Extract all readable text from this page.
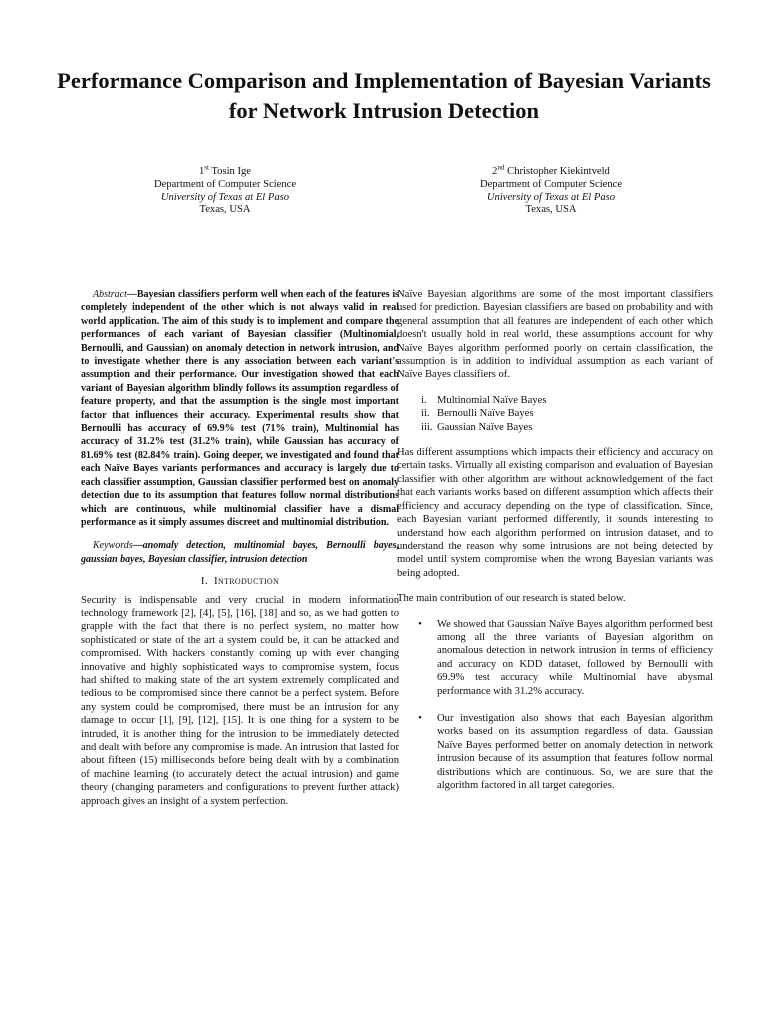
Performance Comparison and Implementation of Bayesian Variants for Network Intrusion Detection
1st Tosin Ige
Department of Computer Science
University of Texas at El Paso
Texas, USA
2nd Christopher Kiekintveld
Department of Computer Science
University of Texas at El Paso
Texas, USA

Abstract—Bayesian classifiers perform well when each of the features is completely independent of the other which is not always valid in real world application. The aim of this study is to implement and compare the performances of each variant of Bayesian classifier (Multinomial, Bernoulli, and Gaussian) on anomaly detection in network intrusion, and to investigate whether there is any association between each variant's assumption and their performance. Our investigation showed that each variant of Bayesian algorithm blindly follows its assumption regardless of feature property, and that the assumption is the single most important factor that influences their accuracy. Experimental results show that Bernoulli has accuracy of 69.9% test (71% train), Multinomial has accuracy of 31.2% test (31.2% train), while Gaussian has accuracy of 81.69% test (82.84% train). Going deeper, we investigated and found that each Naïve Bayes variants performances and accuracy is largely due to each classifier assumption, Gaussian classifier performed best on anomaly detection due to its assumption that features follow normal distributions which are continuous, while multinomial classifier have a dismal performance as it simply assumes discreet and multinomial distribution.

Keywords—anomaly detection, multinomial bayes, Bernoulli bayes, gaussian bayes, Bayesian classifier, intrusion detection

I. Introduction

Security is indispensable and very crucial in modern information technology framework [2], [4], [5], [16], [18] and so, as we had gotten to grapple with the fact that there is no perfect system, no matter how sophisticated or state of the art a system could be, it can be attacked and compromised. With hackers constantly coming up with ever changing innovative and highly sophisticated ways to compromise system, focus had shifted to making state of the art system extremely complicated and tedious to be compromised since there cannot be a perfect system. Before any system could be compromised, there must be an intrusion for any damage to occur [1], [9], [12], [15]. It is one thing for a system to be intruded, it is another thing for the intrusion to be immediately detected and dealt with before any compromise is made. An intrusion that lasted for about fifteen (15) milliseconds before being dealt with by a combination of machine learning (to accurately detect the actual intrusion) and game theory (changing parameters and configurations to prevent further attack) approach gives an insight of a system perfection.

Naïve Bayesian algorithms are some of the most important classifiers used for prediction. Bayesian classifiers are based on probability and with general assumption that all features are independent of each other which doesn't usually hold in real world, these assumptions account for why Naïve Bayes algorithm performed poorly on certain classification, the assumption is in addition to individual assumption as each variant of Naïve Bayes classifiers of.

i. Multinomial Naïve Bayes
ii. Bernoulli Naïve Bayes
iii. Gaussian Naïve Bayes

Has different assumptions which impacts their efficiency and accuracy on certain tasks. Virtually all existing comparison and evaluation of Bayesian classifier with other algorithm are without acknowledgement of the fact that each variants works based on different assumption which affects their efficiency and accuracy depending on the type of classification. Since, each Bayesian variant performed differently, it sounds interesting to understand how each algorithm performed on intrusion dataset, and to understand the reason why some intrusions are not being detected by model until system compromise when the wrong Bayesian variants was being adopted.

The main contribution of our research is stated below.

•	We showed that Gaussian Naïve Bayes algorithm performed best among all the three variants of Bayesian algorithm on anomalous detection in network intrusion in terms of efficiency and accuracy on KDD dataset, followed by Bernoulli with 69.9% test accuracy while Multinomial have abysmal performance with 31.2% accuracy.
•	Our investigation also shows that each Bayesian algorithm works based on its assumption regardless of data. Gaussian Naïve Bayes performed better on anomaly detection in network intrusion because of its assumption that features follow normal distributions which are continuous. So, we are sure that the algorithm factored in all target categories.
